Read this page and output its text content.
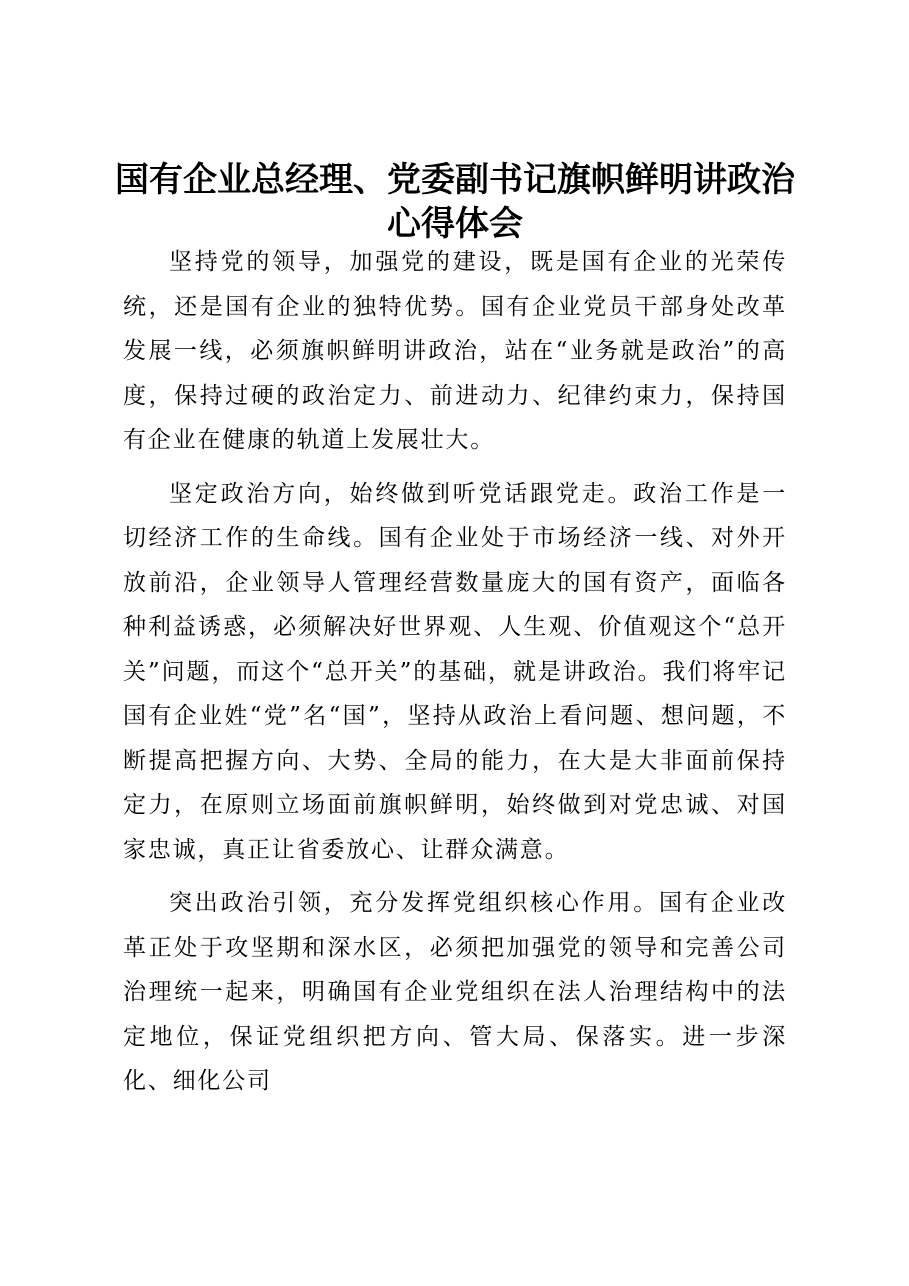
国有企业总经理、党委副书记旗帜鲜明讲政治心得体会

坚持党的领导，加强党的建设，既是国有企业的光荣传统，还是国有企业的独特优势。国有企业党员干部身处改革发展一线，必须旗帜鲜明讲政治，站在“业务就是政治”的高度，保持过硬的政治定力、前进动力、纪律约束力，保持国有企业在健康的轨道上发展壮大。

坚定政治方向，始终做到听党话跟党走。政治工作是一切经济工作的生命线。国有企业处于市场经济一线、对外开放前沿，企业领导人管理经营数量庞大的国有资产，面临各种利益诱惑，必须解决好世界观、人生观、价值观这个“总开关”问题，而这个“总开关”的基础，就是讲政治。我们将牢记国有企业姓“党”名“国”，坚持从政治上看问题、想问题，不断提高把握方向、大势、全局的能力，在大是大非面前保持定力，在原则立场面前旗帜鲜明，始终做到对党忠诚、对国家忠诚，真正让省委放心、让群众满意。

突出政治引领，充分发挥党组织核心作用。国有企业改革正处于攻坚期和深水区，必须把加强党的领导和完善公司治理统一起来，明确国有企业党组织在法人治理结构中的法定地位，保证党组织把方向、管大局、保落实。进一步深化、细化公司
